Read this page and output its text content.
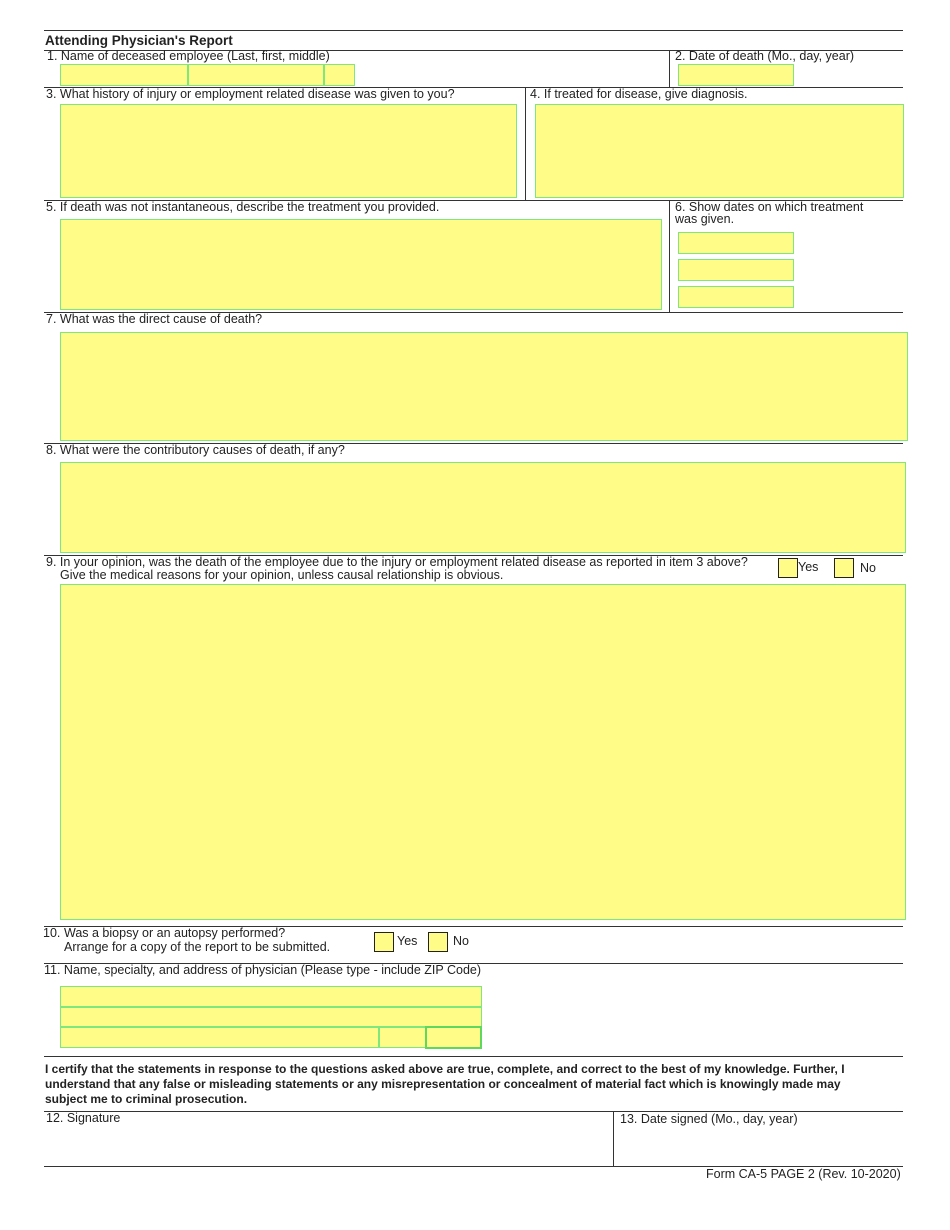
Attending Physician's Report
1. Name of deceased employee (Last, first, middle)	2. Date of death (Mo., day, year)
3. What history of injury or employment related disease was given to you?	4. If treated for disease, give diagnosis.
5. If death was not instantaneous, describe the treatment you provided.	6. Show dates on which treatment
was given.
7. What was the direct cause of death?
8. What were the contributory causes of death, if any?
9. In your opinion, was the death of the employee due to the injury or employment related disease as reported in item 3 above?
Give the medical reasons for your opinion, unless causal relationship is obvious.
Yes	No
10. Was a biopsy or an autopsy performed?
Arrange for a copy of the report to be submitted.	Yes	No
11. Name, specialty, and address of physician (Please type - include ZIP Code)
I certify that the statements in response to the questions asked above are true, complete, and correct to the best of my knowledge. Further, I
understand that any false or misleading statements or any misrepresentation or concealment of material fact which is knowingly made may
subject me to criminal prosecution.
12. Signature	13. Date signed (Mo., day, year)
Form CA-5 PAGE 2 (Rev. 10-2020)
